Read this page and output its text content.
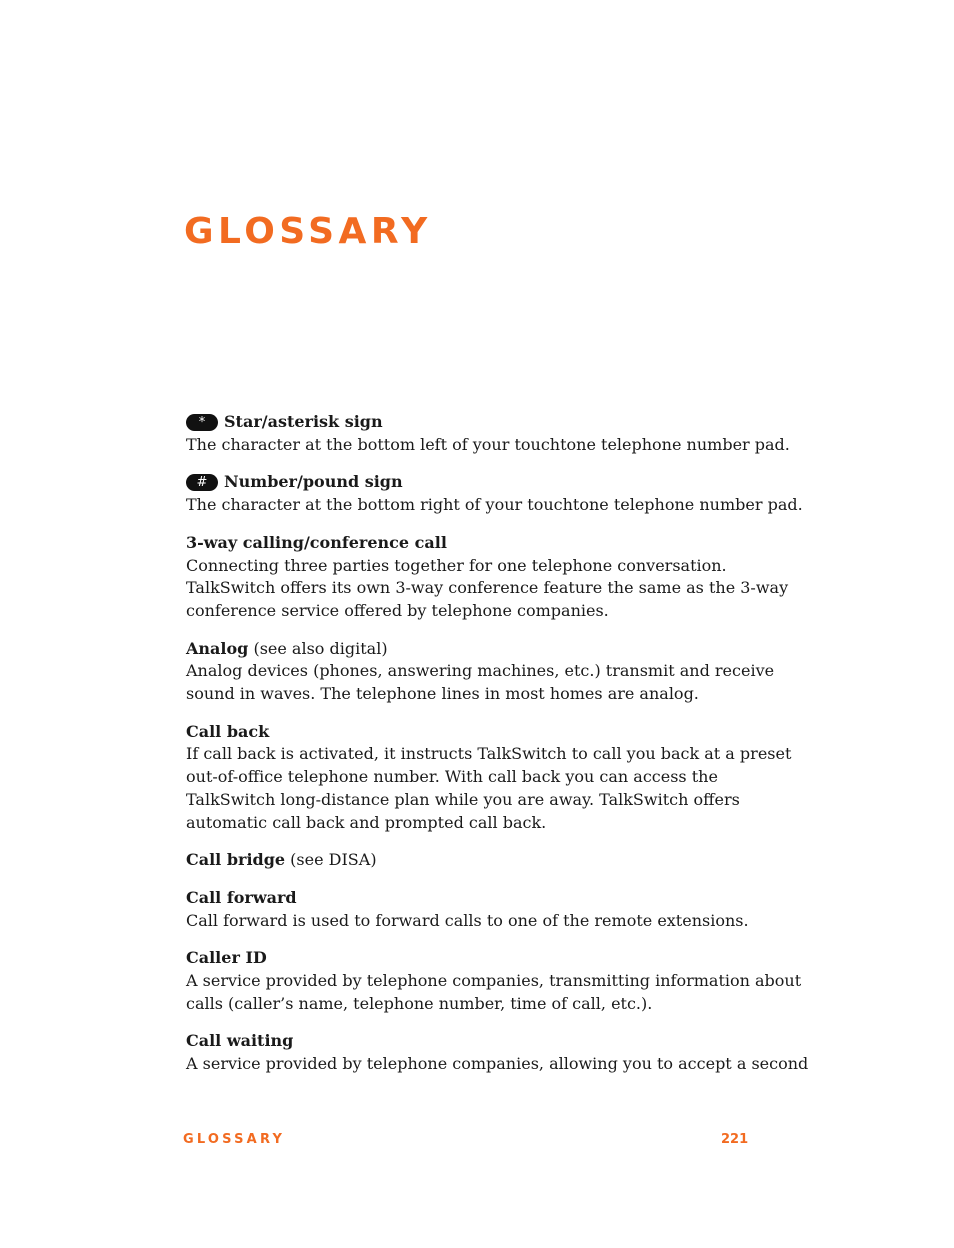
GLOSSARY
* Star/asterisk sign
The character at the bottom left of your touchtone telephone number pad.
# Number/pound sign
The character at the bottom right of your touchtone telephone number pad.
3-way calling/conference call
Connecting three parties together for one telephone conversation.
TalkSwitch offers its own 3-way conference feature the same as the 3-way
conference service offered by telephone companies.
Analog (see also digital)
Analog devices (phones, answering machines, etc.) transmit and receive
sound in waves. The telephone lines in most homes are analog.
Call back
If call back is activated, it instructs TalkSwitch to call you back at a preset
out-of-office telephone number. With call back you can access the
TalkSwitch long-distance plan while you are away. TalkSwitch offers
automatic call back and prompted call back.
Call bridge (see DISA)
Call forward
Call forward is used to forward calls to one of the remote extensions.
Caller ID
A service provided by telephone companies, transmitting information about
calls (caller’s name, telephone number, time of call, etc.).
Call waiting
A service provided by telephone companies, allowing you to accept a second
GLOSSARY	221
